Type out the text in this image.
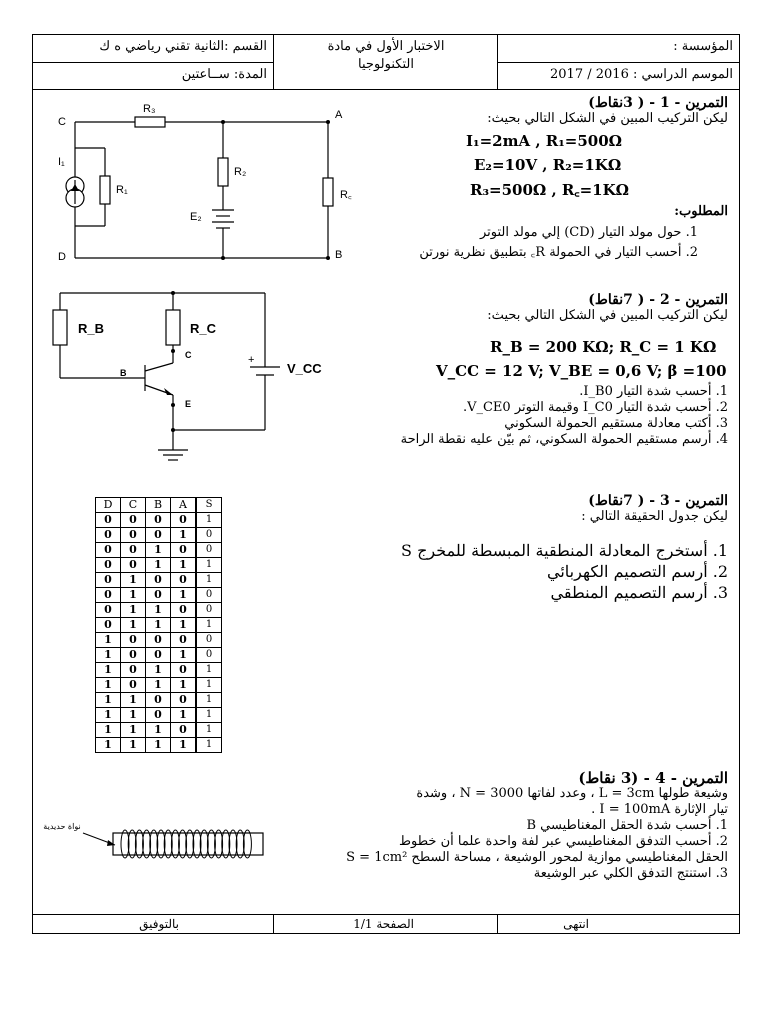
المؤسسة :
الموسم الدراسي : 2016 / 2017
الاختبار الأول في مادة
التكنولوجيا
القسم :الثانية تقني رياضي ه ك
المدة: ســاعتين
التمرين - 1 - ( 3نقاط)
ليكن التركيب المبين في الشكل التالي بحيث:
I₁=2mA , R₁=500Ω
E₂=10V , R₂=1KΩ
R₃=500Ω , R꜀=1KΩ
المطلوب:
1. حول مولد التيار (CD) إلي مولد التوتر
2. أحسب التيار في الحمولة R꜀ بتطبيق نظرية نورتن
C
A
D	B
R₃
R₂
R₁	R꜀
I₁
E₂
التمرين - 2 - ( 7نقاط)
ليكن التركيب المبين في الشكل التالي بحيث:
R_B = 200 KΩ; R_C = 1 KΩ
V_CC = 12 V; V_BE = 0,6 V; β =100
1. أحسب شدة التيار I_B0.
2. أحسب شدة التيار I_C0 وقيمة التوتر V_CE0.
3. أكتب معادلة مستقيم الحمولة السكوني
4. أرسم مستقيم الحمولة السكوني، ثم بيّن عليه نقطة الراحة
R_B	R_C
V_CC
+
B
C
E
التمرين - 3 - ( 7نقاط)
ليكن جدول الحقيقة التالي :
1. أستخرج المعادلة المنطقية المبسطة للمخرج S
2. أرسم التصميم الكهربائي
3. أرسم التصميم المنطقي
D	C	B	A	S
0	0	0	0	1
0	0	0	1	0
0	0	1	0	0
0	0	1	1	1
0	1	0	0	1
0	1	0	1	0
0	1	1	0	0
0	1	1	1	1
1	0	0	0	0
1	0	0	1	0
1	0	1	0	1
1	0	1	1	1
1	1	0	0	1
1	1	0	1	1
1	1	1	0	1
1	1	1	1	1
التمرين - 4 - (3 نقاط)
وشيعة طولها L = 3cm ، وعدد لفاتها N = 3000 ، وشدة
تيار الإثارة I = 100mA .
1. أحسب شدة الحقل المغناطيسي B
2. أحسب التدفق المغناطيسي عبر لفة واحدة علما أن خطوط
الحقل المغناطيسي موازية لمحور الوشيعة ، مساحة السطح S = 1cm²
3. استنتج التدفق الكلي عبر الوشيعة
نواة حديدية
انتهى
الصفحة 1/1
بالتوفيق
